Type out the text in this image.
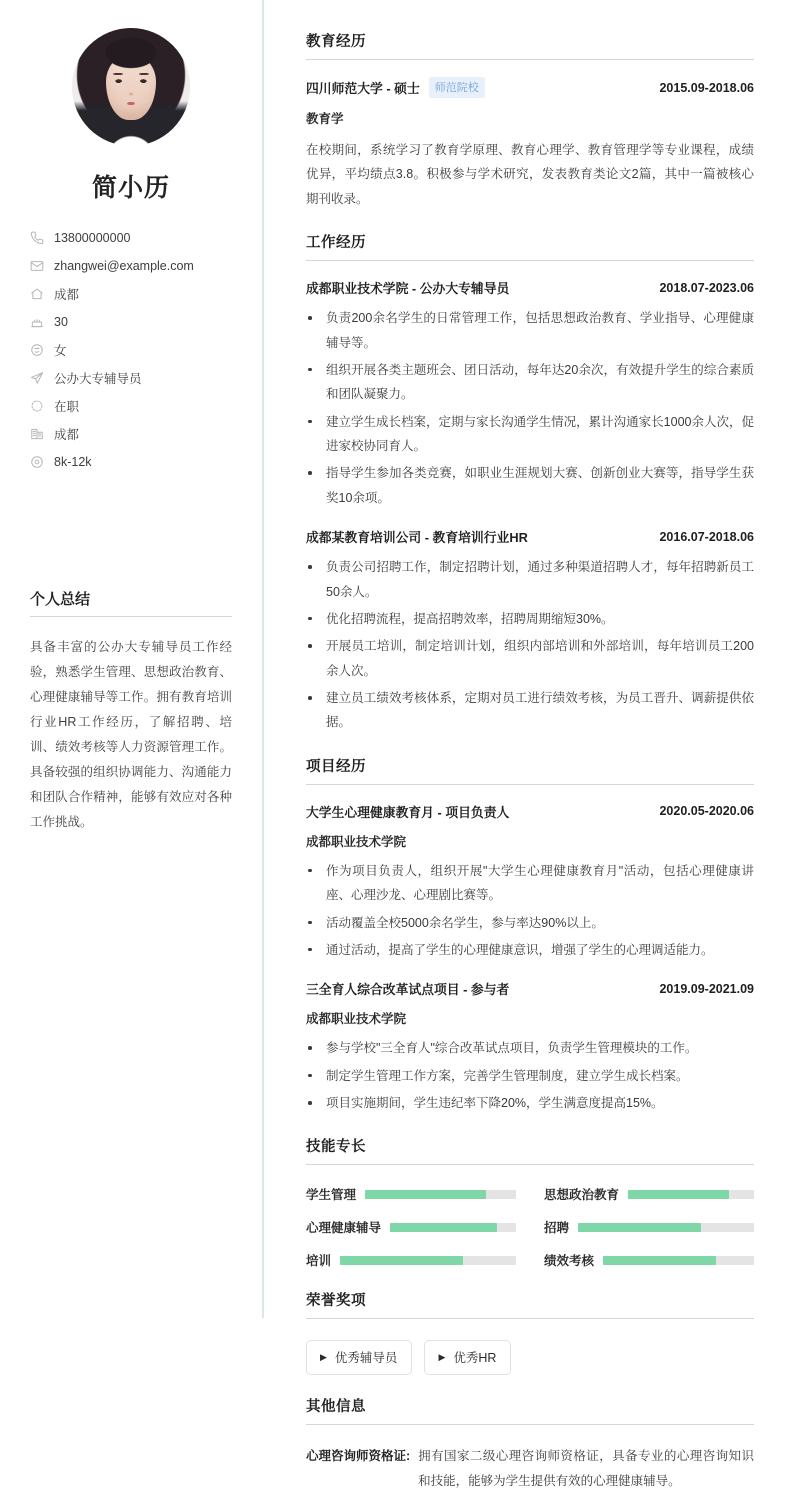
简小历
13800000000
zhangwei@example.com
成都
30
女
公办大专辅导员
在职
成都
8k-12k
个人总结
具备丰富的公办大专辅导员工作经验，熟悉学生管理、思想政治教育、心理健康辅导等工作。拥有教育培训行业HR工作经历，了解招聘、培训、绩效考核等人力资源管理工作。具备较强的组织协调能力、沟通能力和团队合作精神，能够有效应对各种工作挑战。
教育经历
四川师范大学 - 硕士	师范院校	2015.09-2018.06
教育学
在校期间，系统学习了教育学原理、教育心理学、教育管理学等专业课程，成绩优异，平均绩点3.8。积极参与学术研究，发表教育类论文2篇，其中一篇被核心期刊收录。
工作经历
成都职业技术学院 - 公办大专辅导员	2018.07-2023.06
负责200余名学生的日常管理工作，包括思想政治教育、学业指导、心理健康辅导等。
组织开展各类主题班会、团日活动，每年达20余次，有效提升学生的综合素质和团队凝聚力。
建立学生成长档案，定期与家长沟通学生情况，累计沟通家长1000余人次，促进家校协同育人。
指导学生参加各类竞赛，如职业生涯规划大赛、创新创业大赛等，指导学生获奖10余项。
成都某教育培训公司 - 教育培训行业HR	2016.07-2018.06
负责公司招聘工作，制定招聘计划，通过多种渠道招聘人才，每年招聘新员工50余人。
优化招聘流程，提高招聘效率，招聘周期缩短30%。
开展员工培训，制定培训计划，组织内部培训和外部培训，每年培训员工200余人次。
建立员工绩效考核体系，定期对员工进行绩效考核，为员工晋升、调薪提供依据。
项目经历
大学生心理健康教育月 - 项目负责人	2020.05-2020.06
成都职业技术学院
作为项目负责人，组织开展"大学生心理健康教育月"活动，包括心理健康讲座、心理沙龙、心理剧比赛等。
活动覆盖全校5000余名学生，参与率达90%以上。
通过活动，提高了学生的心理健康意识，增强了学生的心理调适能力。
三全育人综合改革试点项目 - 参与者	2019.09-2021.09
成都职业技术学院
参与学校"三全育人"综合改革试点项目，负责学生管理模块的工作。
制定学生管理工作方案，完善学生管理制度，建立学生成长档案。
项目实施期间，学生违纪率下降20%，学生满意度提高15%。
技能专长
学生管理	思想政治教育
心理健康辅导	招聘
培训	绩效考核
荣誉奖项
▶ 优秀辅导员	▶ 优秀HR
其他信息
心理咨询师资格证: 拥有国家二级心理咨询师资格证，具备专业的心理咨询知识和技能，能够为学生提供有效的心理健康辅导。
